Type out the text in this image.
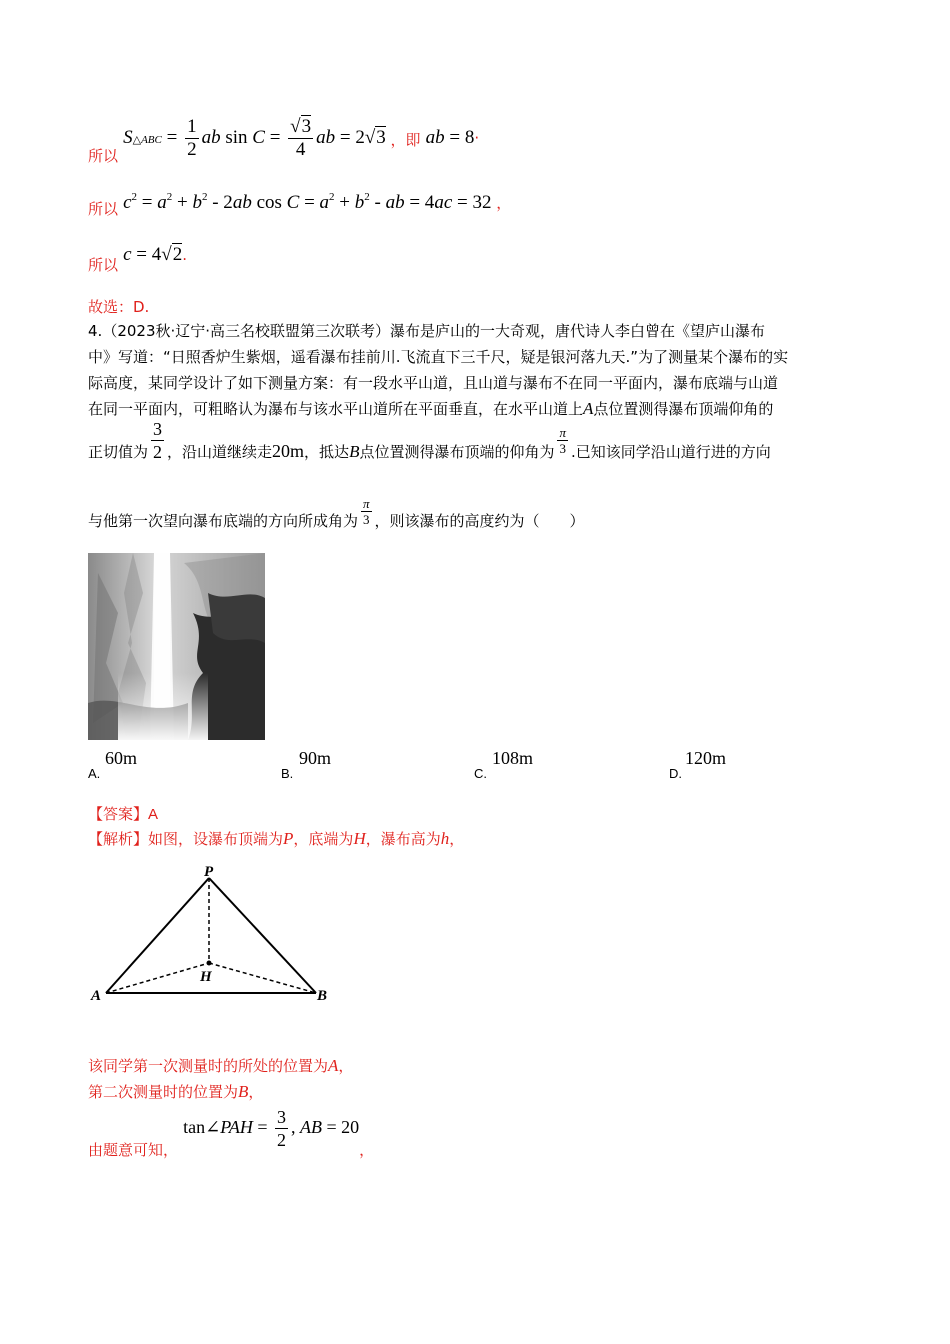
所以 S△ABC = $\frac{1}{2}$ ab $\sin C = \frac{√3}{4}$ ab = 2√3 ，即 ab = 8·
所以 $c^2 = a^2 + b^2 - 2ab$ $\cos C = a^2 + b^2$ - ab = 4ac = 32 ，
所以 c = 4√2.
故选：D.
4.（2023秋·辽宁·高三名校联盟第三次联考）瀑布是庐山的一大奇观，唐代诗人李白曾在《望庐山瀑布
中》写道：“日照香炉生紫烟，遥看瀑布挂前川.飞流直下三千尺，疑是银河落九天.”为了测量某个瀑布的实
际高度，某同学设计了如下测量方案：有一段水平山道，且山道与瀑布不在同一平面内，瀑布底端与山道
在同一平面内，可粗略认为瀑布与该水平山道所在平面垂直，在水平山道上A点位置测得瀑布顶端仰角的
正切值为 $\frac{3}{2}$ ，沿山道继续走20m，抵达B点位置测得瀑布顶端的仰角为 $\frac{\pi}{3}$ .已知该同学沿山道行进的方向
与他第一次望向瀑布底端的方向所成角为 $\frac{\pi}{3}$ ，则该瀑布的高度约为（　　）
A.
60m
B.
90m
C.
108m
D.
120m
【答案】A
【解析】如图，设瀑布顶端为P，底端为H，瀑布高为h，
P
A	B
H
该同学第一次测量时的所处的位置为A，
第二次测量时的位置为B，
由题意可知， tan∠PAH = $\frac{3}{2}$ , AB = 20，
